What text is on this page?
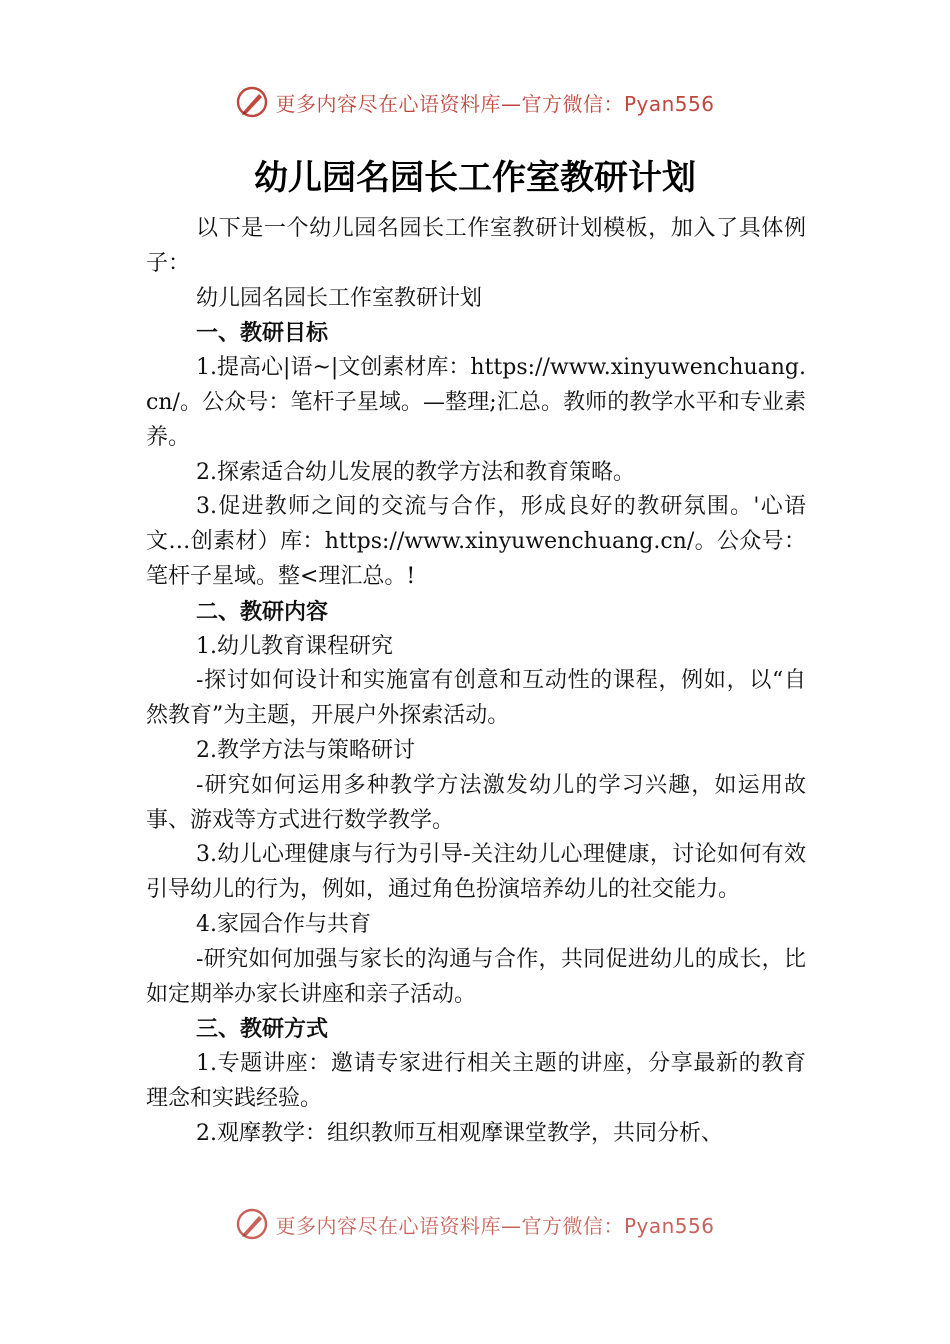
更多内容尽在心语资料库—官方微信：Pyan556
幼儿园名园长工作室教研计划

以下是一个幼儿园名园长工作室教研计划模板，加入了具体例子：

幼儿园名园长工作室教研计划

一、教研目标

1.提高心|语~|文创素材库：https://www.xinyuwenchuang.cn/。公众号：笔杆子星域。—整理;汇总。教师的教学水平和专业素养。

2.探索适合幼儿发展的教学方法和教育策略。

3.促进教师之间的交流与合作，形成良好的教研氛围。'心语文…创素材）库：https://www.xinyuwenchuang.cn/。公众号：笔杆子星域。整<理汇总。!

二、教研内容

1.幼儿教育课程研究

-探讨如何设计和实施富有创意和互动性的课程，例如，以“自然教育”为主题，开展户外探索活动。

2.教学方法与策略研讨

-研究如何运用多种教学方法激发幼儿的学习兴趣，如运用故事、游戏等方式进行数学教学。

3.幼儿心理健康与行为引导-关注幼儿心理健康，讨论如何有效引导幼儿的行为，例如，通过角色扮演培养幼儿的社交能力。

4.家园合作与共育

-研究如何加强与家长的沟通与合作，共同促进幼儿的成长，比如定期举办家长讲座和亲子活动。

三、教研方式

1.专题讲座：邀请专家进行相关主题的讲座，分享最新的教育理念和实践经验。

2.观摩教学：组织教师互相观摩课堂教学，共同分析、

更多内容尽在心语资料库—官方微信：Pyan556
